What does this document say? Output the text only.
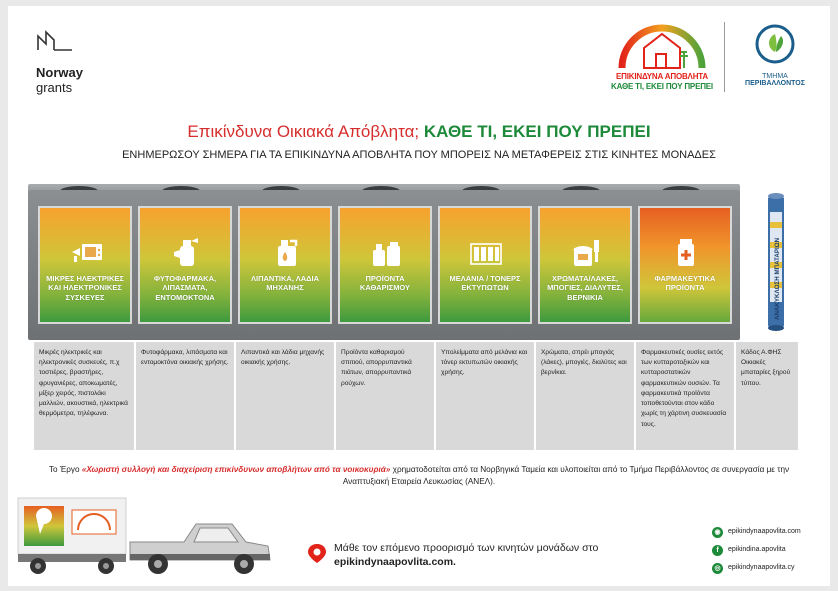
Norway
grants
ΕΠΙΚΙΝΔΥΝΑ ΑΠΟΒΛΗΤΑ
ΚΑΘΕ ΤΙ, ΕΚΕΙ ΠΟΥ ΠΡΕΠΕΙ
ΤΜΗΜΑ
ΠΕΡΙΒΑΛΛΟΝΤΟΣ
Επικίνδυνα Οικιακά Απόβλητα; ΚΑΘΕ ΤΙ, ΕΚΕΙ ΠΟΥ ΠΡΕΠΕΙ
ΕΝΗΜΕΡΩΣΟΥ ΣΗΜΕΡΑ ΓΙΑ ΤΑ ΕΠΙΚΙΝΔΥΝΑ ΑΠΟΒΛΗΤΑ ΠΟΥ ΜΠΟΡΕΙΣ ΝΑ ΜΕΤΑΦΕΡΕΙΣ ΣΤΙΣ ΚΙΝΗΤΕΣ ΜΟΝΑΔΕΣ
ΜΙΚΡΕΣ ΗΛΕΚΤΡΙΚΕΣ ΚΑΙ ΗΛΕΚΤΡΟΝΙΚΕΣ ΣΥΣΚΕΥΕΣ
ΦΥΤΟΦΑΡΜΑΚΑ, ΛΙΠΑΣΜΑΤΑ, ΕΝΤΟΜΟΚΤΟΝΑ
ΛΙΠΑΝΤΙΚΑ, ΛΑΔΙΑ ΜΗΧΑΝΗΣ
ΠΡΟΪΟΝΤΑ ΚΑΘΑΡΙΣΜΟΥ
ΜΕΛΑΝΙΑ / ΤΟΝΕΡΣ ΕΚΤΥΠΩΤΩΝ
ΧΡΩΜΑΤΑ/ΛΑΚΕΣ, ΜΠΟΓΙΕΣ, ΔΙΑΛΥΤΕΣ, ΒΕΡΝΙΚΙΑ
ΦΑΡΜΑΚΕΥΤΙΚΑ ΠΡΟΪΟΝΤΑ	ΑΝΑΚΥΚΛΩΣΗ ΜΠΑΤΑΡΙΩΝ
Μικρές ηλεκτρικές και ηλεκτρονικές συσκευές, π.χ τοστιέρες, βραστήρες, φρυγανιέρες, αποκωματές, μίξερ χειρός, πιστολάκι μαλλιών, ακουστικά, ηλεκτρικά θερμόμετρα, τηλέφωνα.
Φυτοφάρμακα, λιπάσματα και εντομοκτόνα οικιακής χρήσης.
Λιπαντικά και λάδια μηχανής οικιακής χρήσης.
Προϊόντα καθαρισμού σπιτιού, απορρυπαντικά πιάτων, απορρυπαντικά ρούχων.
Υπολείμματα από μελάνια και τόνερ εκτυπωτών οικιακής χρήσης.
Χρώματα, σπρέι μπογιάς (λάκες), μπογιές, διαλύτες και βερνίκια.
Φαρμακευτικές ουσίες εκτός των κυτταροτοξικών και κυτταροστατικών φαρμακευτικών ουσιών. Τα φαρμακευτικά προϊόντα τοποθετούνται στον κάδο χωρίς τη χάρτινη συσκευασία τους.
Κάδος Α.ΦΗΣ Οικιακές μπαταρίες ξηρού τύπου.
Το Έργο «Χωριστή συλλογή και διαχείριση επικίνδυνων αποβλήτων από τα νοικοκυριά» χρηματοδοτείται από τα Νορβηγικά Ταμεία και υλοποιείται από το Τμήμα Περιβάλλοντος σε συνεργασία με την Αναπτυξιακή Εταιρεία Λευκωσίας (ΑΝΕΛ).
Μάθε τον επόμενο προορισμό των κινητών μονάδων στο
epikindynaapovlita.com.
◉	epikindynaapovlita.com
f	epikindina.apovlita
◎	epikindynaapovlita.cy
